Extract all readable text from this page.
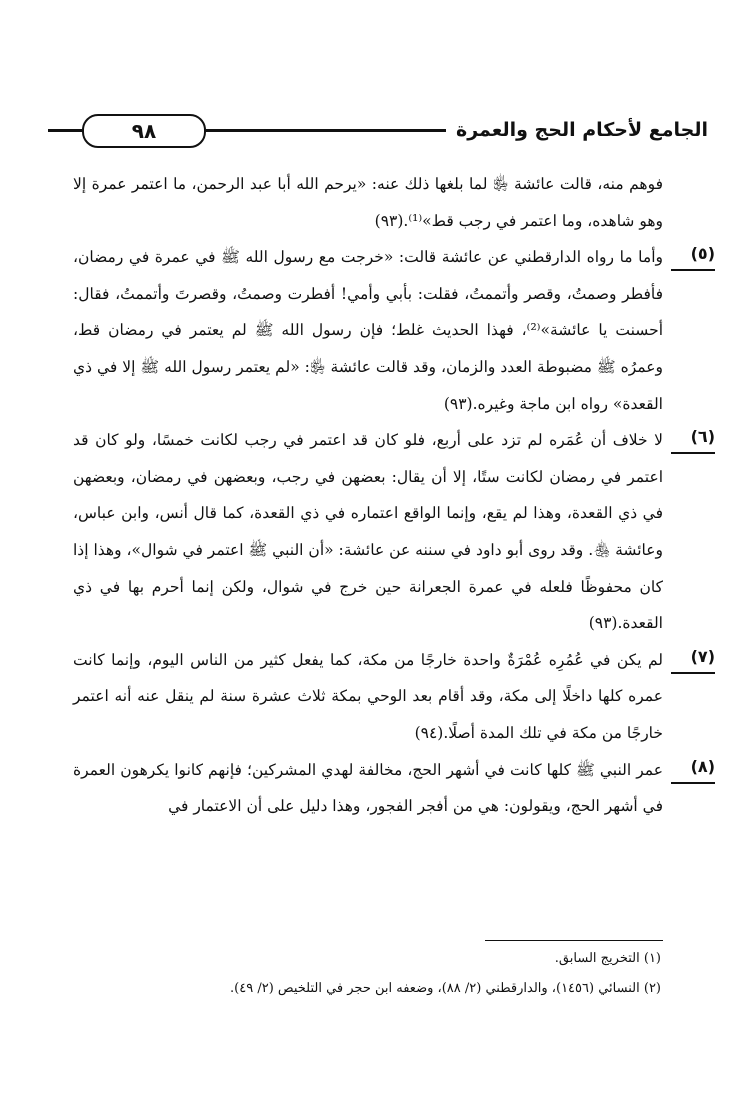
الجامع لأحكام الحج والعمرة
٩٨

فوهم منه، قالت عائشة ﵂ لما بلغها ذلك عنه: «يرحم الله أبا عبد الرحمن، ما اعتمر عمرة إلا وهو شاهده، وما اعتمر في رجب قط»⁽¹⁾.(٩٣)

(٥)
وأما ما رواه الدارقطني عن عائشة قالت: «خرجت مع رسول الله ﷺ في عمرة في رمضان، فأفطر وصمتُ، وقصر وأتممتُ، فقلت: بأبي وأمي! أفطرت وصمتُ، وقصرتَ وأتممتُ، فقال: أحسنت يا عائشة»⁽²⁾، فهذا الحديث غلط؛ فإن رسول الله ﷺ لم يعتمر في رمضان قط، وعمرُه ﷺ مضبوطة العدد والزمان، وقد قالت عائشة ﵂: «لم يعتمر رسول الله ﷺ إلا في ذي القعدة» رواه ابن ماجة وغيره.(٩٣)
(٦)
لا خلاف أن عُمَره لم تزد على أربع، فلو كان قد اعتمر في رجب لكانت خمسًا، ولو كان قد اعتمر في رمضان لكانت ستًا، إلا أن يقال: بعضهن في رجب، وبعضهن في رمضان، وبعضهن في ذي القعدة، وهذا لم يقع، وإنما الواقع اعتماره في ذي القعدة، كما قال أنس، وابن عباس، وعائشة ﵃. وقد روى أبو داود في سننه عن عائشة: «أن النبي ﷺ اعتمر في شوال»، وهذا إذا كان محفوظًا فلعله في عمرة الجعرانة حين خرج في شوال، ولكن إنما أحرم بها في ذي القعدة.(٩٣)
(٧)
لم يكن في عُمُرِه عُمْرَةٌ واحدة خارجًا من مكة، كما يفعل كثير من الناس اليوم، وإنما كانت عمره كلها داخلًا إلى مكة، وقد أقام بعد الوحي بمكة ثلاث عشرة سنة لم ينقل عنه أنه اعتمر خارجًا من مكة في تلك المدة أصلًا.(٩٤)
(٨)
عمر النبي ﷺ كلها كانت في أشهر الحج، مخالفة لهدي المشركين؛ فإنهم كانوا يكرهون العمرة في أشهر الحج، ويقولون: هي من أفجر الفجور، وهذا دليل على أن الاعتمار في

(١) التخريج السابق.

(٢) النسائي (١٤٥٦)، والدارقطني (٢/ ٨٨)، وضعفه ابن حجر في التلخيص (٢/ ٤٩).
